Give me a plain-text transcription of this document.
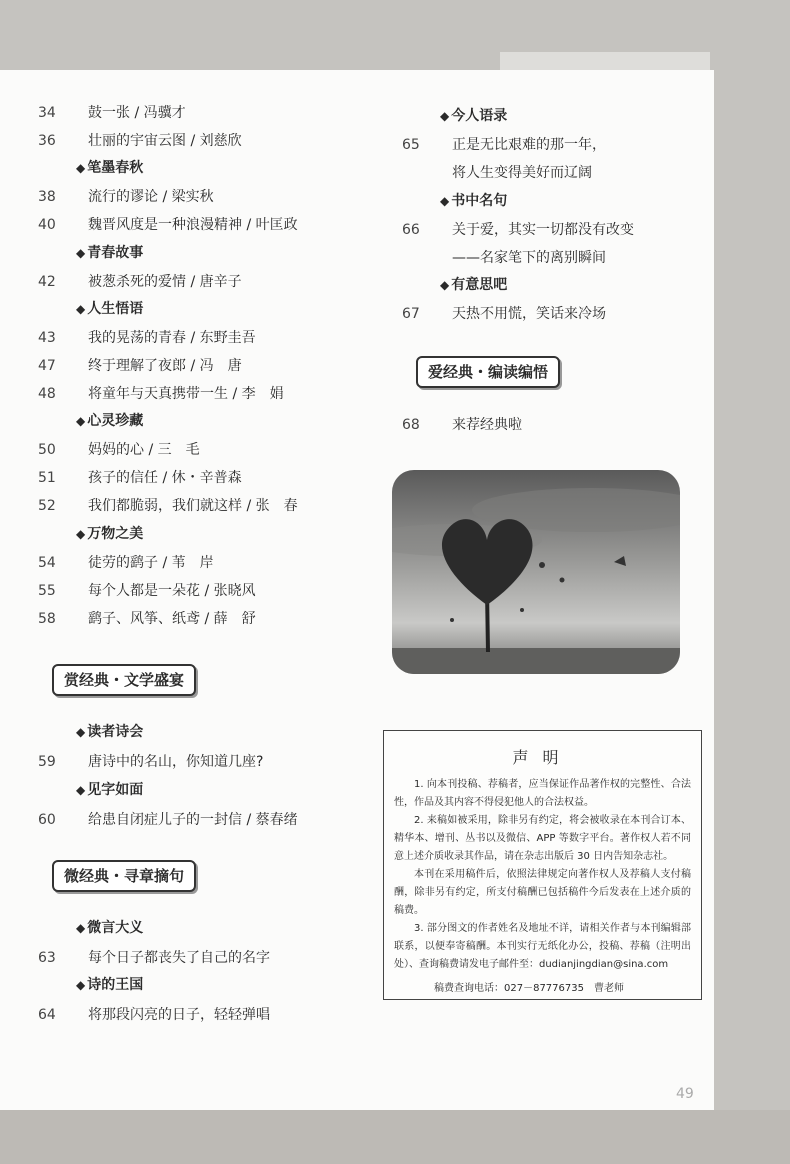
34	鼓一张 / 冯骥才
36	壮丽的宇宙云图 / 刘慈欣
◆ 笔墨春秋
38	流行的谬论 / 梁实秋
40	魏晋风度是一种浪漫精神 / 叶匡政
◆ 青春故事
42	被葱杀死的爱情 / 唐辛子
◆ 人生悟语
43	我的晃荡的青春 / 东野圭吾
47	终于理解了夜郎 / 冯　唐
48	将童年与天真携带一生 / 李　娟
◆ 心灵珍藏
50	妈妈的心 / 三　毛
51	孩子的信任 / 休・辛普森
52	我们都脆弱，我们就这样 / 张　春
◆ 万物之美
54	徒劳的鹞子 / 苇　岸
55	每个人都是一朵花 / 张晓风
58	鹞子、风筝、纸鸢 / 薛　舒
赏经典・文学盛宴
◆ 读者诗会
59	唐诗中的名山，你知道几座?
◆ 见字如面
60	给患自闭症儿子的一封信 / 蔡春绪
微经典・寻章摘句
◆ 微言大义
63	每个日子都丧失了自己的名字
◆ 诗的王国
64	将那段闪亮的日子，轻轻弹唱
◆ 今人语录
65	正是无比艰难的那一年，
将人生变得美好而辽阔
◆ 书中名句
66	关于爱，其实一切都没有改变
——名家笔下的离别瞬间
◆ 有意思吧
67	天热不用慌，笑话来冷场
爱经典・编读编悟
68	来荐经典啦
声明

1. 向本刊投稿、荐稿者，应当保证作品著作权的完整性、合法性，作品及其内容不得侵犯他人的合法权益。

2. 来稿如被采用，除非另有约定，将会被收录在本刊合订本、精华本、增刊、丛书以及微信、APP 等数字平台。著作权人若不同意上述介质收录其作品，请在杂志出版后 30 日内告知杂志社。

本刊在采用稿件后，依照法律规定向著作权人及荐稿人支付稿酬，除非另有约定，所支付稿酬已包括稿件今后发表在上述介质的稿费。

3. 部分图文的作者姓名及地址不详，请相关作者与本刊编辑部联系，以便奉寄稿酬。本刊实行无纸化办公，投稿、荐稿（注明出处）、查询稿费请发电子邮件至：dudianjingdian@sina.com

稿费查询电话：027－87776735　曹老师

49
